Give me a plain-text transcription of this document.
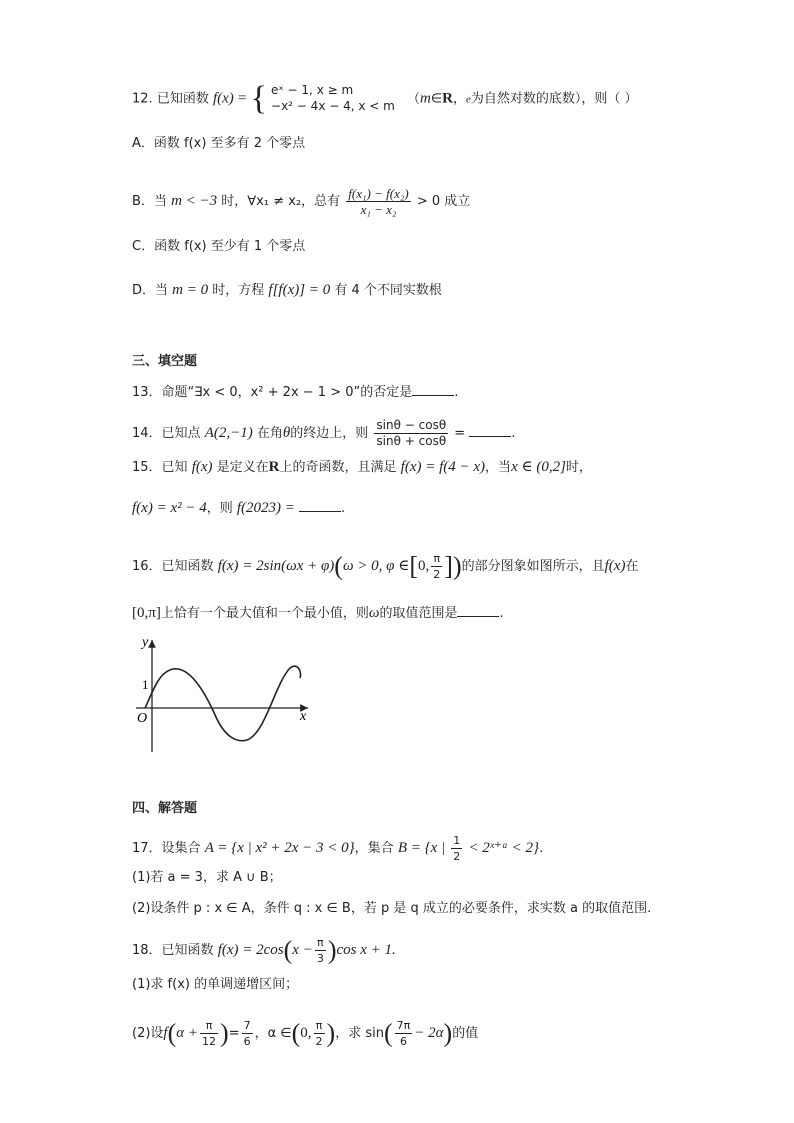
12. 已知函数 f(x) = { eˣ − 1, x ≥ m
−x² − 4x − 4, x < m （m∈R，e为自然对数的底数），则（ ）
A．函数 f(x) 至多有 2 个零点
B．当 m < −3 时，∀x₁ ≠ x₂，总有 $\frac{\text{f(x₁) − f(x₂)}}{\text{x₁ − x₂}} > 0$ 成立
C．函数 f(x) 至少有 1 个零点
D．当 m = 0 时，方程 f[f(x)] = 0 有 4 个不同实数根
三、填空题
13．命题“∃x < 0，x² + 2x − 1 > 0”的否定是	.
14．已知点 A(2,−1) 在角θ的终边上，则 $\frac{\sin\theta - \cos\theta}{\sin\theta + \cos\theta}$ =	.
15．已知 f(x) 是定义在R上的奇函数，且满足 f(x) = f(4 − x)，当x ∈ (0,2]时，
f(x) = x² − 4，则 f(2023) =	.
16．已知函数 f(x) = 2sin(ωx + φ)(ω > 0, φ ∈[0, $\frac{\pi}{2}$ ])的部分图象如图所示，且f(x)在
[0,π]上恰有一个最大值和一个最小值，则ω的取值范围是	.
y
x
O
1
四、解答题
17．设集合 A = {x | x² + 2x − 3 < 0}，集合 B = {x | $\frac{1}{2}$ < 2ˣ⁺ᵃ < 2}.
(1)若 a = 3，求 A ∪ B；
(2)设条件 p : x ∈ A，条件 q : x ∈ B，若 p 是 q 成立的必要条件，求实数 a 的取值范围.
18．已知函数 $f(x) = 2\cos(x - \frac{\pi}{3} )\cos$ x + 1.
(1)求 f(x) 的单调递增区间；
(2)设$f(\alpha + \frac{\pi}{12}$ )= $\frac{7}{6}$ ，α ∈(0, $\frac{\pi}{2}$ )，求 $\sin( \frac{7\pi}{6} - 2\alpha)$的值
